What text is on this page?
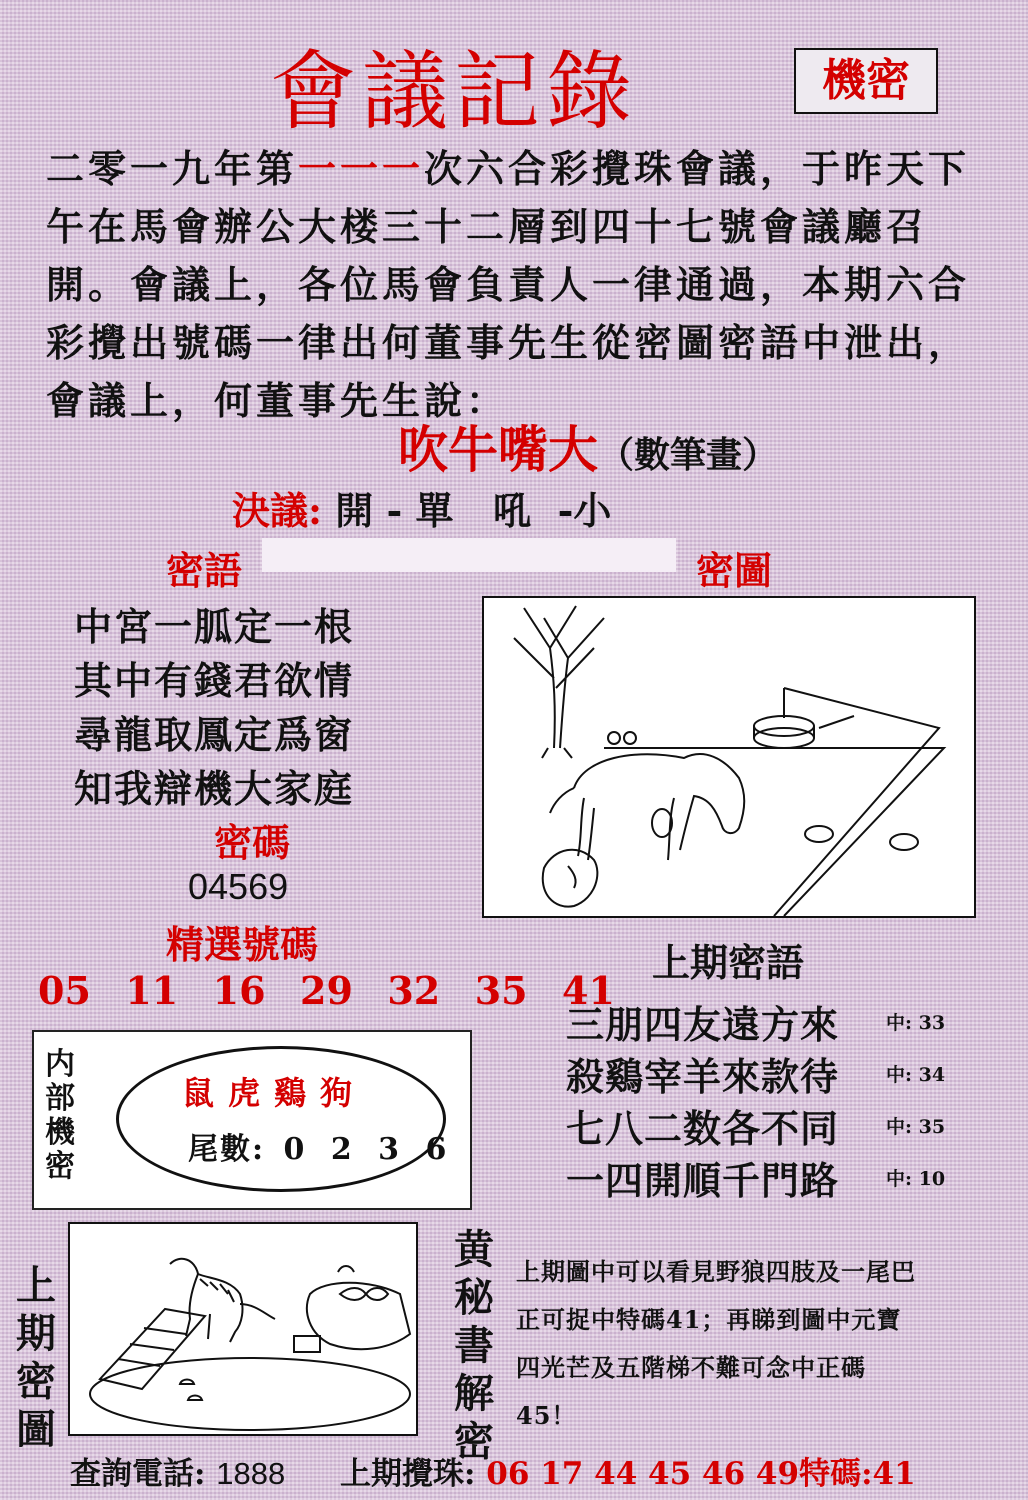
會議記錄	機密
二零一九年第一一一次六合彩攪珠會議，于昨天下午在馬會辦公大楼三十二層到四十七號會議廳召開。會議上，各位馬會負責人一律通過，本期六合彩攪出號碼一律出何董事先生從密圖密語中泄出，會議上，何董事先生說：
吹牛嘴大（數筆畫）
決議: 開 - 單   吼  -小
密語	密圖
中宮一胍定一根
其中有錢君欲情
尋龍取鳳定爲窗
知我辯機大家庭
密碼
04569
精選號碼
05  11  16  29  32  35  41
上期密語
三朋四友遠方來 中: 33
殺鷄宰羊來款待 中: 34
七八二数各不同 中: 35
一四開順千門路 中: 10
内
部
機
密
鼠虎鷄狗
尾數: 0 2 3 6
上
期
密
圖
黄
秘
書
解
密
上期圖中可以看見野狼四肢及一尾巴正可捉中特碼41；再睇到圖中元寶四光芒及五階梯不難可念中正碼45！
查詢電話: 1888 上期攪珠: 06 17 44 45 46 49特碼:41
